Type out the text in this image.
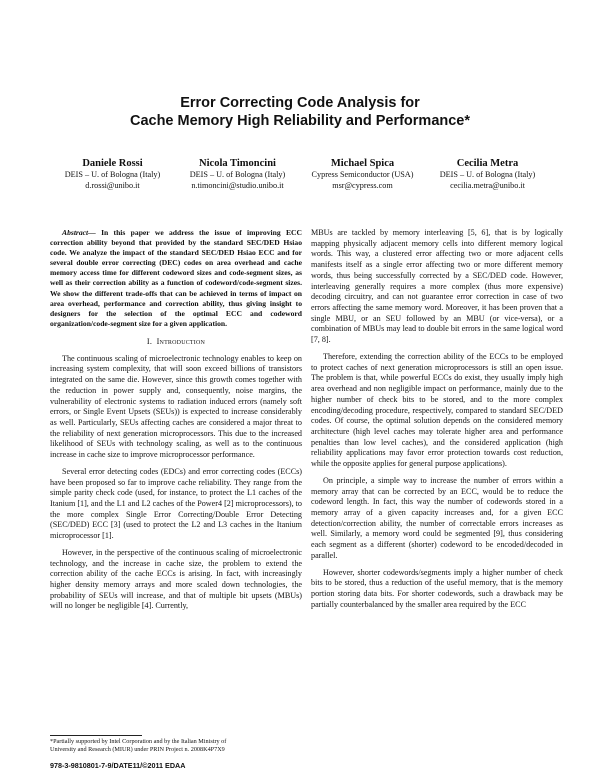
Error Correcting Code Analysis for
Cache Memory High Reliability and Performance*
Daniele Rossi
DEIS – U. of Bologna (Italy)
d.rossi@unibo.it
Nicola Timoncini
DEIS – U. of Bologna (Italy)
n.timoncini@studio.unibo.it
Michael Spica
Cypress Semiconductor (USA)
msr@cypress.com
Cecilia Metra
DEIS – U. of Bologna (Italy)
cecilia.metra@unibo.it

Abstract— In this paper we address the issue of improving ECC correction ability beyond that provided by the standard SEC/DED Hsiao code. We analyze the impact of the standard SEC/DED Hsiao ECC and for several double error correcting (DEC) codes on area overhead and cache memory access time for different codeword sizes and code-segment sizes, as well as their correction ability as a function of codeword/code-segment sizes. We show the different trade-offs that can be achieved in terms of impact on area overhead, performance and correction ability, thus giving insight to designers for the selection of the optimal ECC and codeword organization/code-segment size for a given application.

I. Introduction

The continuous scaling of microelectronic technology enables to keep on increasing system complexity, that will soon exceed billions of transistors integrated on the same die. However, since this growth comes together with the reduction in power supply and, consequently, noise margins, the vulnerability of electronic systems to radiation induced errors (namely soft errors, or Single Event Upsets (SEUs)) is expected to increase considerably as well. Particularly, SEUs affecting caches are considered a major threat to the reliability of next generation microprocessors. This due to the increased likelihood of SEUs with technology scaling, as well as to the continuous increase in cache size to improve microprocessor performance.

Several error detecting codes (EDCs) and error correcting codes (ECCs) have been proposed so far to improve cache reliability. They range from the simple parity check code (used, for instance, to protect the L1 caches of the Itanium [1], and the L1 and L2 caches of the Power4 [2] microprocessors), to the more complex Single Error Correcting/Double Error Detecting (SEC/DED) ECC [3] (used to protect the L2 and L3 caches in the Itanium microprocessor [1].

However, in the perspective of the continuous scaling of microelectronic technology, and the increase in cache size, the problem to extend the correction ability of the cache ECCs is arising. In fact, with increasingly higher density memory arrays and more scaled down technologies, the probability of SEUs will increase, and that of multiple bit upsets (MBUs) will no longer be negligible [4]. Currently,

MBUs are tackled by memory interleaving [5, 6], that is by logically mapping physically adjacent memory cells into different memory logical words. This way, a clustered error affecting two or more adjacent cells manifests itself as a single error affecting two or more different memory words, thus being successfully corrected by a SEC/DED code. However, interleaving generally requires a more complex (thus more expensive) decoding circuitry, and can not guarantee error correction in case of two errors affecting the same memory word. Moreover, it has been proven that a single MBU, or an SEU followed by an MBU (or vice-versa), or a combination of MBUs may lead to double bit errors in the same logical word [7, 8].

Therefore, extending the correction ability of the ECCs to be employed to protect caches of next generation microprocessors is still an open issue. The problem is that, while powerful ECCs do exist, they usually imply high area overhead and non negligible impact on performance, mainly due to the higher number of check bits to be stored, and to the more complex encoding/decoding procedure, respectively, compared to standard SEC/DED codes. Of course, the optimal solution depends on the considered memory architecture (high level caches may tolerate higher area and performance penalties than low level caches), and the considered application (high reliability applications may favor error protection towards cost reduction, while the opposite applies for general purpose applications).

On principle, a simple way to increase the number of errors within a memory array that can be corrected by an ECC, would be to reduce the codeword length. In fact, this way the number of codewords stored in a memory array of a given capacity increases and, for a given ECC detection/correction ability, the number of correctable errors increases as well. Similarly, a memory word could be segmented [9], thus considering each segment as a different (shorter) codeword to be encoded/decoded in parallel.

However, shorter codewords/segments imply a higher number of check bits to be stored, thus a reduction of the useful memory, that is the memory portion storing data bits. For shorter codewords, such a drawback may be partially counterbalanced by the smaller area required by the ECC

*Partially supported by Intel Corporation and by the Italian Ministry of
University and Research (MIUR) under PRIN Project n. 2008K4P7X9
978-3-9810801-7-9/DATE11/©2011 EDAA
